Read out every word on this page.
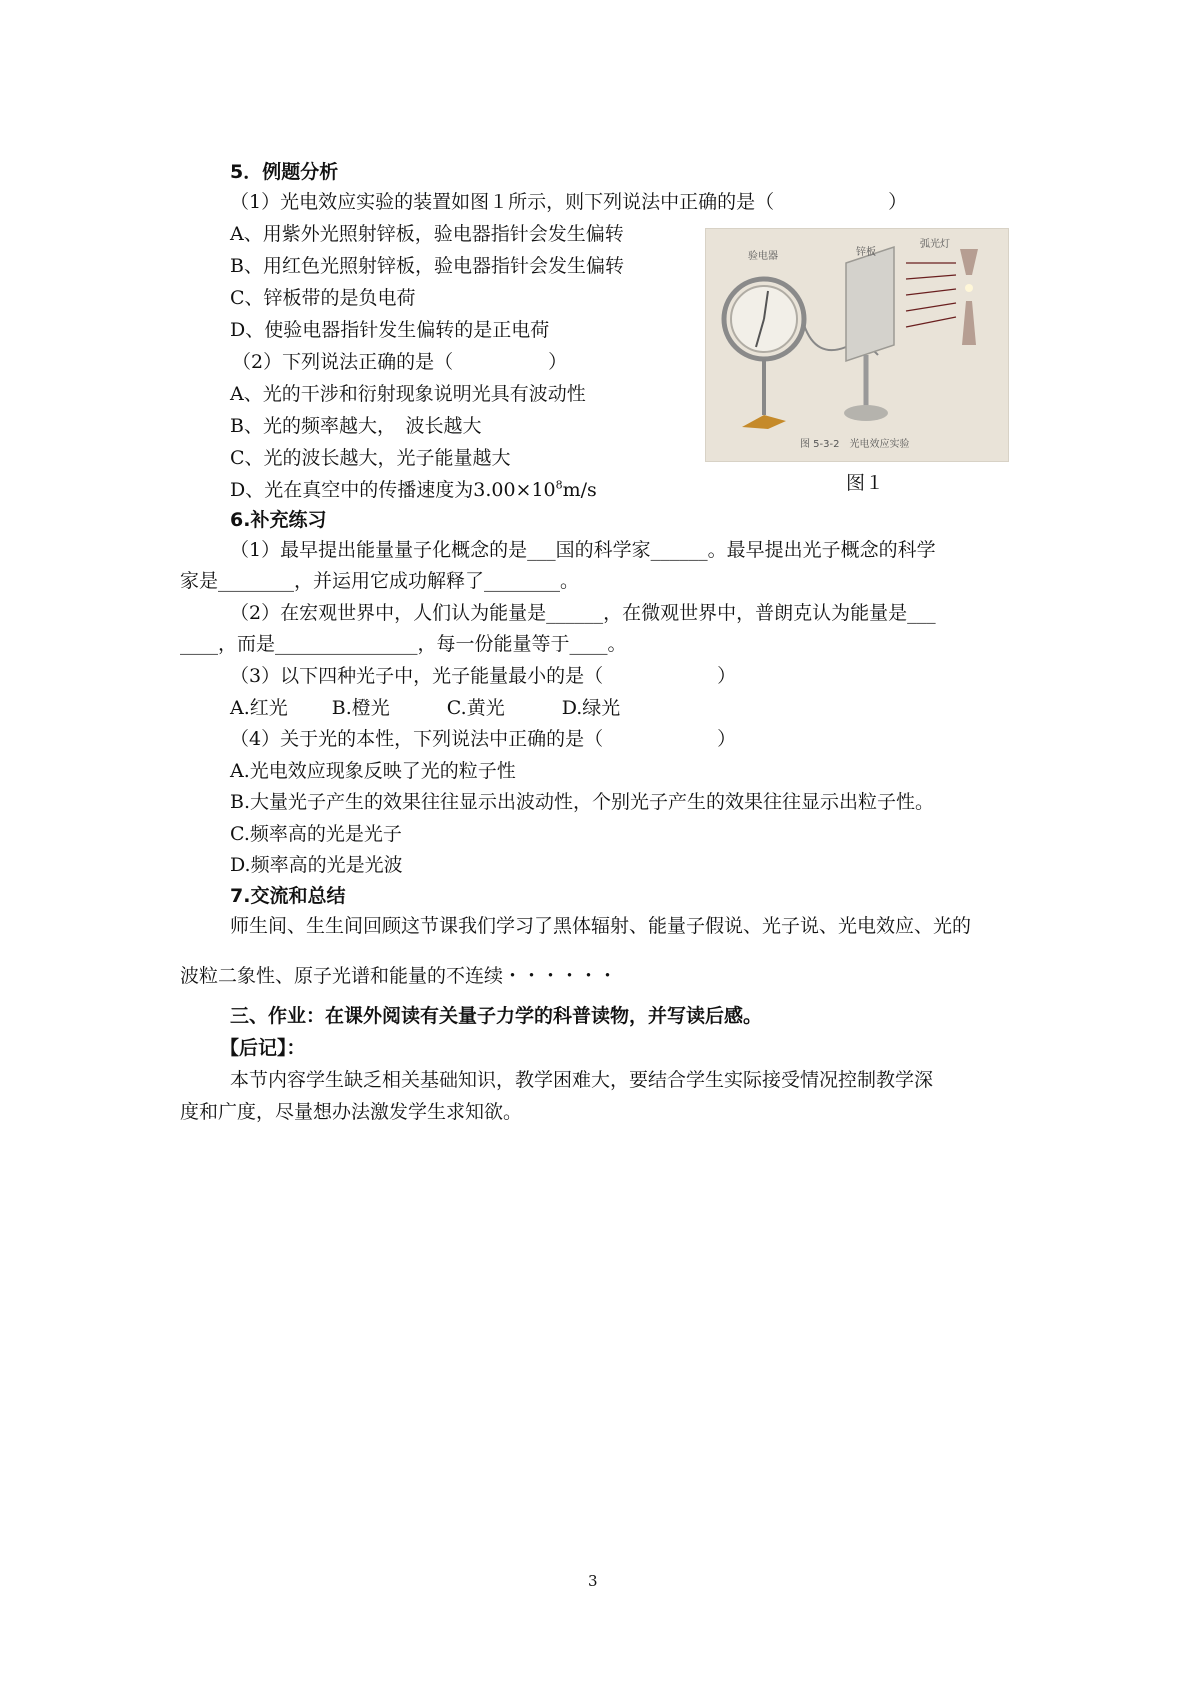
5．例题分析
（1）光电效应实验的装置如图１所示，则下列说法中正确的是（　　　　　　）
A、用紫外光照射锌板，验电器指针会发生偏转
B、用红色光照射锌板，验电器指针会发生偏转
C、锌板带的是负电荷
D、使验电器指针发生偏转的是正电荷
（2）下列说法正确的是（　　　　　）
A、光的干涉和衍射现象说明光具有波动性
B、光的频率越大，　波长越大
C、光的波长越大，光子能量越大
D、光在真空中的传播速度为$3.00\times 10^8m/s$
验电器	锌板
弧光灯
图 5-3-2　光电效应实验
图１
6.补充练习
（1）最早提出能量量子化概念的是___国的科学家______。最早提出光子概念的科学
家是________，并运用它成功解释了________。
（2）在宏观世界中，人们认为能量是______，在微观世界中，普朗克认为能量是___
____，而是_______________，每一份能量等于____。
（3）以下四种光子中，光子能量最小的是（　　　　　　）
A.红光　　 B.橙光　　　C.黄光　　　D.绿光
（4）关于光的本性，下列说法中正确的是（　　　　　　）
A.光电效应现象反映了光的粒子性
B.大量光子产生的效果往往显示出波动性，个别光子产生的效果往往显示出粒子性。
C.频率高的光是光子
D.频率高的光是光波
7.交流和总结
师生间、生生间回顾这节课我们学习了黑体辐射、能量子假说、光子说、光电效应、光的
波粒二象性、原子光谱和能量的不连续・・・・・・
三、作业：在课外阅读有关量子力学的科普读物，并写读后感。
【后记】：
本节内容学生缺乏相关基础知识，教学困难大，要结合学生实际接受情况控制教学深
度和广度，尽量想办法激发学生求知欲。
3
